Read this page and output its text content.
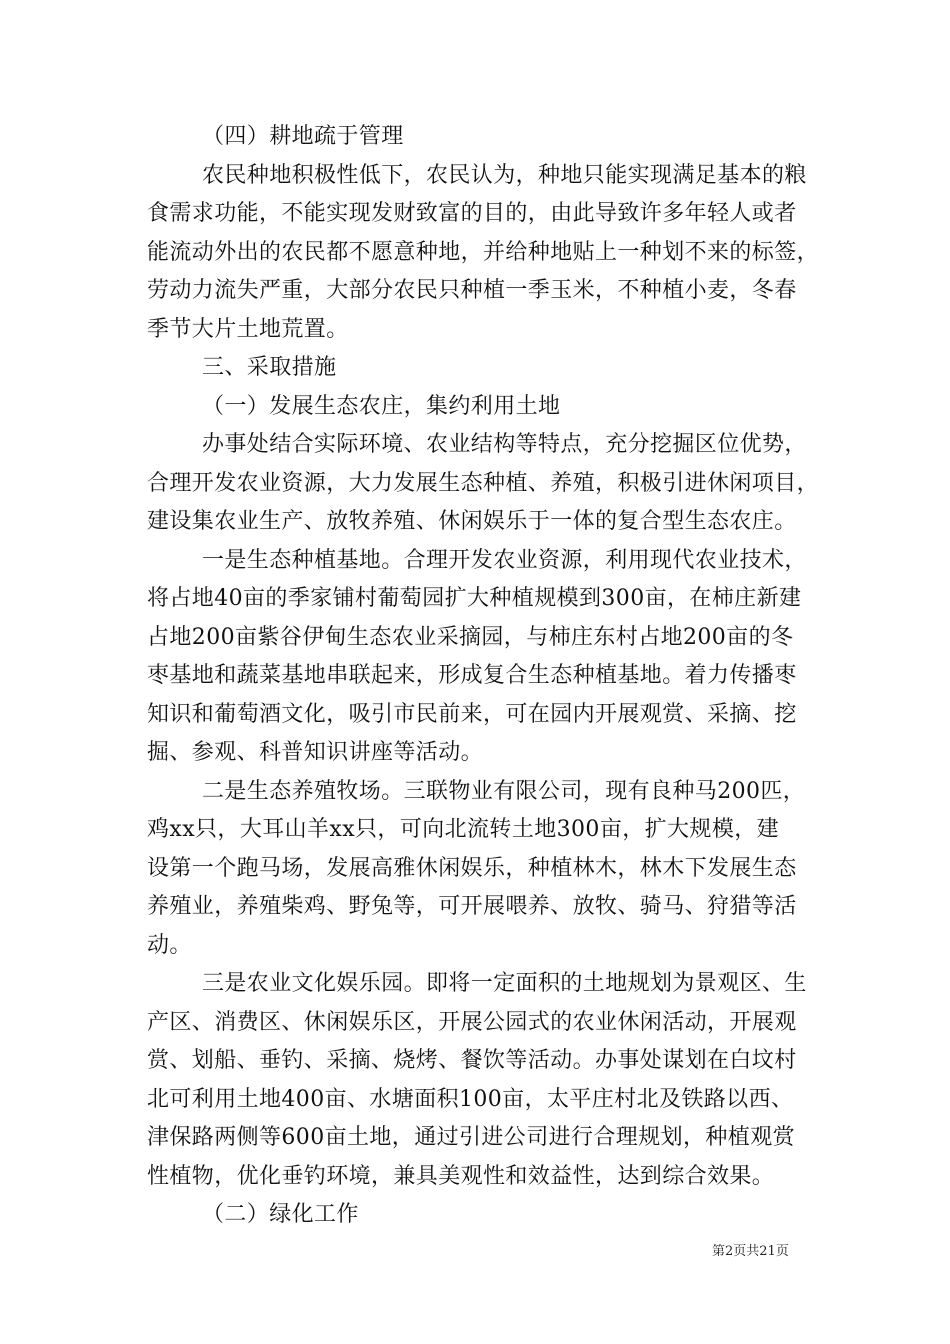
（四）耕地疏于管理
农民种地积极性低下，农民认为，种地只能实现满足基本的粮
食需求功能，不能实现发财致富的目的，由此导致许多年轻人或者
能流动外出的农民都不愿意种地，并给种地贴上一种划不来的标签，
劳动力流失严重，大部分农民只种植一季玉米，不种植小麦，冬春
季节大片土地荒置。
三、采取措施
（一）发展生态农庄，集约利用土地
办事处结合实际环境、农业结构等特点，充分挖掘区位优势，
合理开发农业资源，大力发展生态种植、养殖，积极引进休闲项目，
建设集农业生产、放牧养殖、休闲娱乐于一体的复合型生态农庄。
一是生态种植基地。合理开发农业资源，利用现代农业技术，
将占地40亩的季家铺村葡萄园扩大种植规模到300亩，在柿庄新建
占地200亩紫谷伊甸生态农业采摘园，与柿庄东村占地200亩的冬
枣基地和蔬菜基地串联起来，形成复合生态种植基地。着力传播枣
知识和葡萄酒文化，吸引市民前来，可在园内开展观赏、采摘、挖
掘、参观、科普知识讲座等活动。
二是生态养殖牧场。三联物业有限公司，现有良种马200匹，
鸡xx只，大耳山羊xx只，可向北流转土地300亩，扩大规模，建
设第一个跑马场，发展高雅休闲娱乐，种植林木，林木下发展生态
养殖业，养殖柴鸡、野兔等，可开展喂养、放牧、骑马、狩猎等活
动。
三是农业文化娱乐园。即将一定面积的土地规划为景观区、生
产区、消费区、休闲娱乐区，开展公园式的农业休闲活动，开展观
赏、划船、垂钓、采摘、烧烤、餐饮等活动。办事处谋划在白坟村
北可利用土地400亩、水塘面积100亩，太平庄村北及铁路以西、
津保路两侧等600亩土地，通过引进公司进行合理规划，种植观赏
性植物，优化垂钓环境，兼具美观性和效益性，达到综合效果。
（二）绿化工作
第2页共21页
